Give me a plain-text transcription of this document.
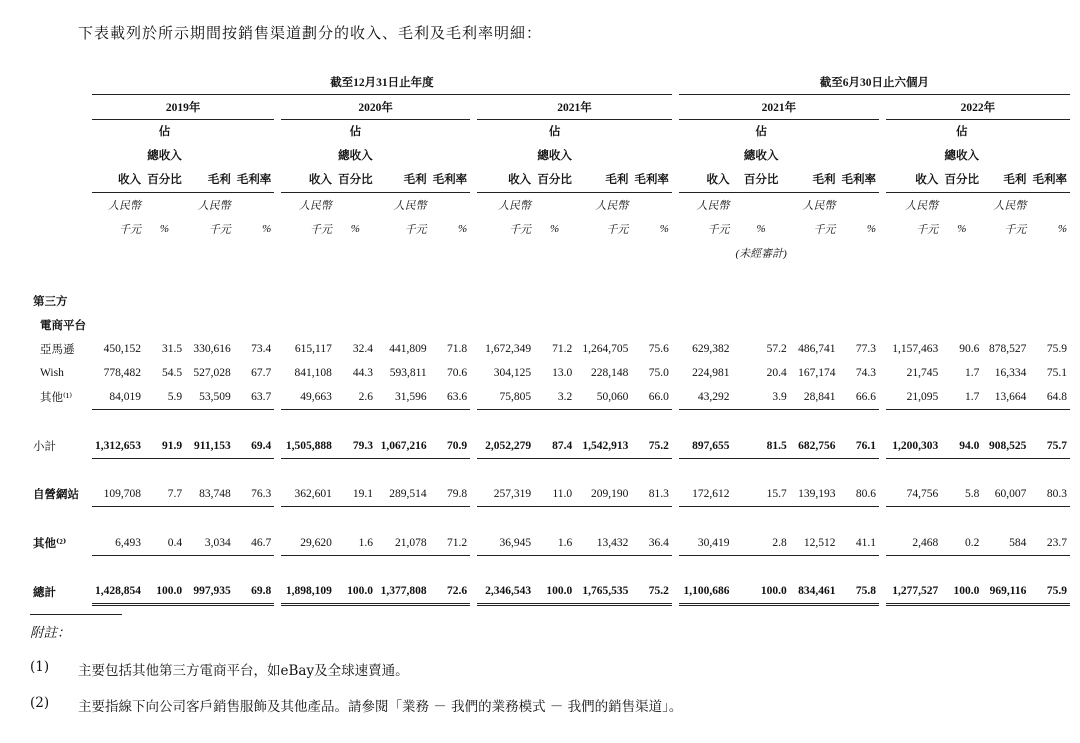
下表載列於所示期間按銷售渠道劃分的收入、毛利及毛利率明細：
	截至12月31日止年度															截至6月30日止六個月								
	2019年					2020年					2021年					2021年					2022年			
		佔					佔					佔					佔					佔		
		總收入					總收入					總收入					總收入					總收入		
	收入	百分比	毛利	毛利率		收入	百分比	毛利	毛利率		收入	百分比	毛利	毛利率		收入	百分比	毛利	毛利率		收入	百分比	毛利	毛利率
	人民幣		人民幣			人民幣		人民幣			人民幣		人民幣			人民幣		人民幣			人民幣		人民幣	
	千元	%	千元	%		千元	%	千元	%		千元	%	千元	%		千元	%	千元	%		千元	%	千元	%
																	(未經審計)							

第三方																								
電商平台																								
亞馬遜	450,152	31.5	330,616	73.4		615,117	32.4	441,809	71.8		1,672,349	71.2	1,264,705	75.6		629,382	57.2	486,741	77.3		1,157,463	90.6	878,527	75.9
Wish	778,482	54.5	527,028	67.7		841,108	44.3	593,811	70.6		304,125	13.0	228,148	75.0		224,981	20.4	167,174	74.3		21,745	1.7	16,334	75.1
其他⁽¹⁾	84,019	5.9	53,509	63.7		49,663	2.6	31,596	63.6		75,805	3.2	50,060	66.0		43,292	3.9	28,841	66.6		21,095	1.7	13,664	64.8

小計	1,312,653	91.9	911,153	69.4		1,505,888	79.3	1,067,216	70.9		2,052,279	87.4	1,542,913	75.2		897,655	81.5	682,756	76.1		1,200,303	94.0	908,525	75.7

自營網站	109,708	7.7	83,748	76.3		362,601	19.1	289,514	79.8		257,319	11.0	209,190	81.3		172,612	15.7	139,193	80.6		74,756	5.8	60,007	80.3

其他⁽²⁾	6,493	0.4	3,034	46.7		29,620	1.6	21,078	71.2		36,945	1.6	13,432	36.4		30,419	2.8	12,512	41.1		2,468	0.2	584	23.7

總計	1,428,854	100.0	997,935	69.8		1,898,109	100.0	1,377,808	72.6		2,346,543	100.0	1,765,535	75.2		1,100,686	100.0	834,461	75.8		1,277,527	100.0	969,116	75.9
附註：
(1)	主要包括其他第三方電商平台，如eBay及全球速賣通。
(2)	主要指線下向公司客戶銷售服飾及其他產品。請參閱「業務 － 我們的業務模式 － 我們的銷售渠道」。
